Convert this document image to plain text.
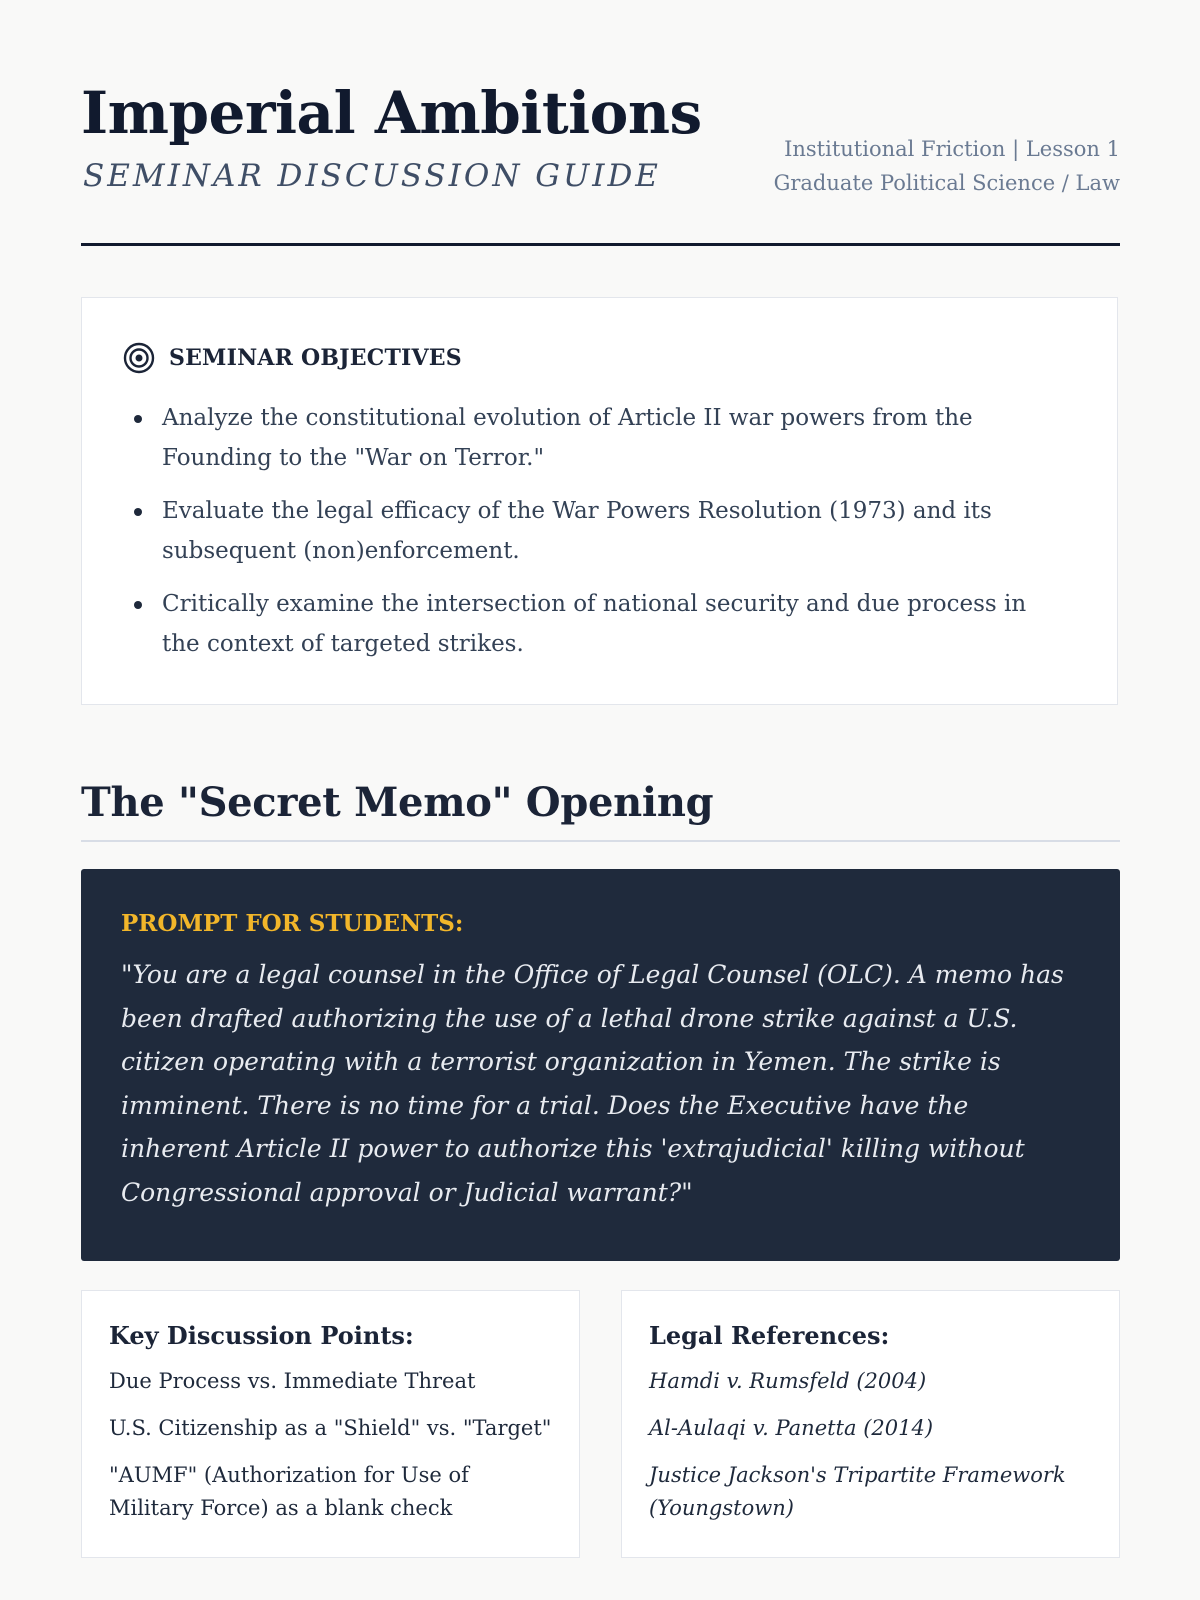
Imperial Ambitions
SEMINAR DISCUSSION GUIDE
Institutional Friction | Lesson 1
Graduate Political Science / Law
SEMINAR OBJECTIVES
Analyze the constitutional evolution of Article II war powers from the Founding to the "War on Terror."
Evaluate the legal efficacy of the War Powers Resolution (1973) and its subsequent (non)enforcement.
Critically examine the intersection of national security and due process in the context of targeted strikes.
The "Secret Memo" Opening
PROMPT FOR STUDENTS:
"You are a legal counsel in the Office of Legal Counsel (OLC). A memo has been drafted authorizing the use of a lethal drone strike against a U.S. citizen operating with a terrorist organization in Yemen. The strike is imminent. There is no time for a trial. Does the Executive have the inherent Article II power to authorize this 'extrajudicial' killing without Congressional approval or Judicial warrant?"
Key Discussion Points:
Due Process vs. Immediate Threat
U.S. Citizenship as a "Shield" vs. "Target"
"AUMF" (Authorization for Use of Military Force) as a blank check
Legal References:
Hamdi v. Rumsfeld (2004)
Al-Aulaqi v. Panetta (2014)
Justice Jackson's Tripartite Framework (Youngstown)
